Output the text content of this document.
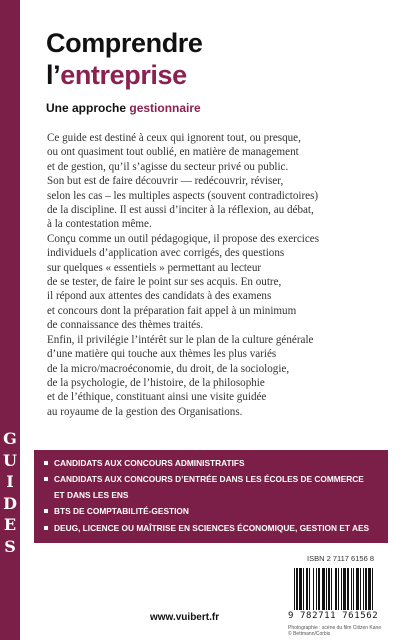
G
U
I
D
E
S
Comprendre
l’entreprise
Une approche gestionnaire
Ce guide est destiné à ceux qui ignorent tout, ou presque,
ou ont quasiment tout oublié, en matière de management
et de gestion, qu’il s’agisse du secteur privé ou public.
Son but est de faire découvrir — redécouvrir, réviser,
selon les cas – les multiples aspects (souvent contradictoires)
de la discipline. Il est aussi d’inciter à la réflexion, au débat,
à la contestation même.
Conçu comme un outil pédagogique, il propose des exercices
individuels d’application avec corrigés, des questions
sur quelques « essentiels » permettant au lecteur
de se tester, de faire le point sur ses acquis. En outre,
il répond aux attentes des candidats à des examens
et concours dont la préparation fait appel à un minimum
de connaissance des thèmes traités.
Enfin, il privilégie l’intérêt sur le plan de la culture générale
d’une matière qui touche aux thèmes les plus variés
de la micro/macroéconomie, du droit, de la sociologie,
de la psychologie, de l’histoire, de la philosophie
et de l’éthique, constituant ainsi une visite guidée
au royaume de la gestion des Organisations.
CANDIDATS AUX CONCOURS ADMINISTRATIFS
CANDIDATS AUX CONCOURS D’ENTRÉE DANS LES ÉCOLES DE COMMERCE
ET DANS LES ENS
BTS DE COMPTABILITÉ-GESTION
DEUG, LICENCE OU MAÎTRISE EN SCIENCES ÉCONOMIQUE, GESTION ET AES
ISBN 2 7117 6156 8
9 782711 761562
www.vuibert.fr
Photographie : scène du film Citizen Kane
© Bettmann/Corbis
